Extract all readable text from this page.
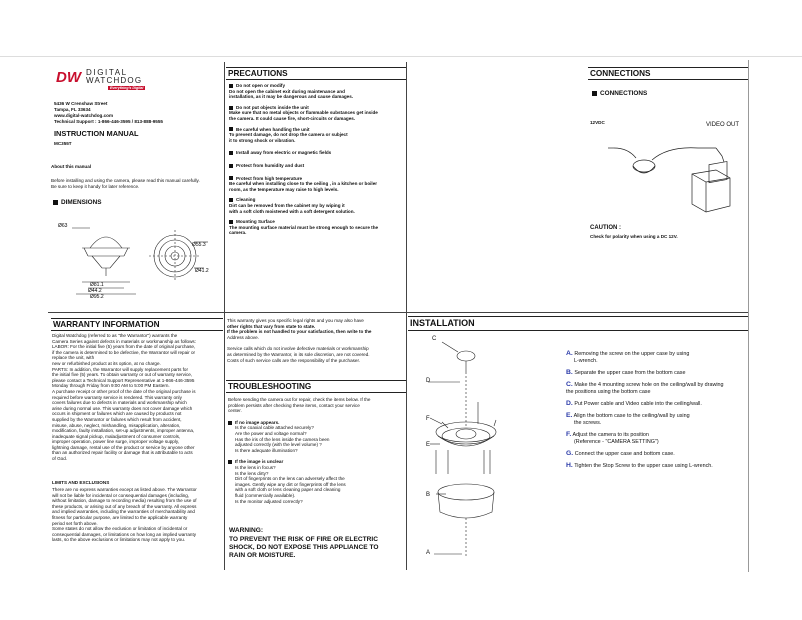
DW DIGITAL
WATCHDOG
Everything's Digital
5436 W Crenshaw Street
Tampa, FL 33634
www.digital-watchdog.com
Technical Support : 1-866-446-3595 / 813-888-9555
INSTRUCTION MANUAL
MC355T
About this manual
Before installing and using the camera, please read this manual carefully.
Be sure to keep it handy for later reference.
DIMENSIONS
Ø63
Ø55.3
Ø95.2
Ø81.1
Ø44.2
Ø41.2
PRECAUTIONS
Do not open or modify
Do not open the cabinet exit during maintenance and
installation, as it may be dangerous and cause damages.
Do not put objects inside the unit
Make sure that no metal objects or flammable substances get inside
the camera. It could cause fire, short-circuits or damages.
Be careful when handling the unit
To prevent damage, do not drop the camera or subject
it to strong shock or vibration.
Install away from electric or magnetic fields
Protect from humidity and dust
Protect from high temperature
Be careful when installing close to the ceiling , in a kitchen or boiler
room, as the temperature may raise to high levels.
Cleaning
Dirt can be removed from the cabinet my by wiping it
with a soft cloth moistened with a soft detergent solution.
Mounting Surface
The mounting surface material must be strong enough to secure the
camera.
CONNECTIONS
CONNECTIONS
12VDC	VIDEO OUT
CAUTION :
Check for polarity when using a DC 12V.
WARRANTY INFORMATION
Digital Watchdog (referred to as "the Warrantor") warrants the
Camera Series against defects in materials or workmanship as follows:
LABOR: For the initial five (5) years from the date of original purchase,
if the camera is determined to be defective, the Warrantor will repair or
replace the unit, with
new or refurbished product at its option, at no charge.
PARTS: In addition, the Warrantor will supply replacement parts for
the initial five (5) years. To obtain warranty or out of warranty service,
please contact a Technical Support Representative at 1-866-446-3595
Monday through Friday from 9:00 AM to 5:00 PM Eastern.
A purchase receipt or other proof of the date of the original purchase is
required before warranty service is rendered. This warranty only
covers failures due to defects in materials and workmanship which
arise during normal use. This warranty does not cover damage which
occurs in shipment or failures which are caused by products not
supplied by the Warrantor or failures which result from accident,
misuse, abuse, neglect, mishandling, misapplication, alteration,
modification, faulty installation, set-up adjustments, improper antenna,
inadequate signal pickup, maladjustment of consumer controls,
improper operation, power line surge, improper voltage supply,
lightning damage, rental use of the product or service by anyone other
than an authorized repair facility or damage that is attributable to acts
of God.
LIMITS AND EXCLUSIONS
There are no express warranties except as listed above. The Warrantor
will not be liable for incidental or consequential damages (including,
without limitation, damage to recording media) resulting from the use of
these products, or arising out of any breach of the warranty. All express
and implied warranties, including the warranties of merchantability and
fitness for particular purpose, are limited to the applicable warranty
period set forth above.
Some states do not allow the exclusion or limitation of incidental or
consequential damages, or limitations on how long an implied warranty
lasts, so the above exclusions or limitations may not apply to you.
This warranty gives you specific legal rights and you may also have
other rights that vary from state to state.
If the problem is not handled to your satisfaction, then write to the
Address above.
Service calls which do not involve defective materials or workmanship
as determined by the Warrantor, in its sole discretion, are not covered.
Costs of such service calls are the responsibility of the purchaser.
TROUBLESHOOTING
Before sending the camera out for repair, check the items below. If the
problem persists after checking these items, contact your service
center.
If no image appears.
Is the coaxial cable attached securely?
Are the power and voltage normal?
Has the iris of the lens inside the camera been
adjusted correctly (with the level volume) ?
Is there adequate illumination?
If the image is unclear
Is the lens in focus?
Is the lens dirty?
Dirt of fingerprints on the lens can adversely affect the
images. Gently wipe any dirt or fingerprints off the lens
with a soft cloth or lens cleaning paper and cleaning
fluid (commercially available).
Is the monitor adjusted correctly?
WARNING:
TO PREVENT THE RISK OF FIRE OR ELECTRIC
SHOCK, DO NOT EXPOSE THIS APPLIANCE TO
RAIN OR MOISTURE.
INSTALLATION
C
D
F
E
B
A
A. Removing the screw on the upper case by using
L-wrench.
B. Separate the upper case from the bottom case
C. Make the 4 mounting screw hole on the ceiling/wall by drawing
the positions using the bottom case
D. Put Power cable and Video cable into the ceiling/wall.
E. Align the bottom case to the ceiling/wall by using
the screws.
F. Adjust the camera to its position
(Reference - "CAMERA SETTING")
G. Connect the upper case and bottom case.
H. Tighten the Stop Screw to the upper case using L-wrench.
